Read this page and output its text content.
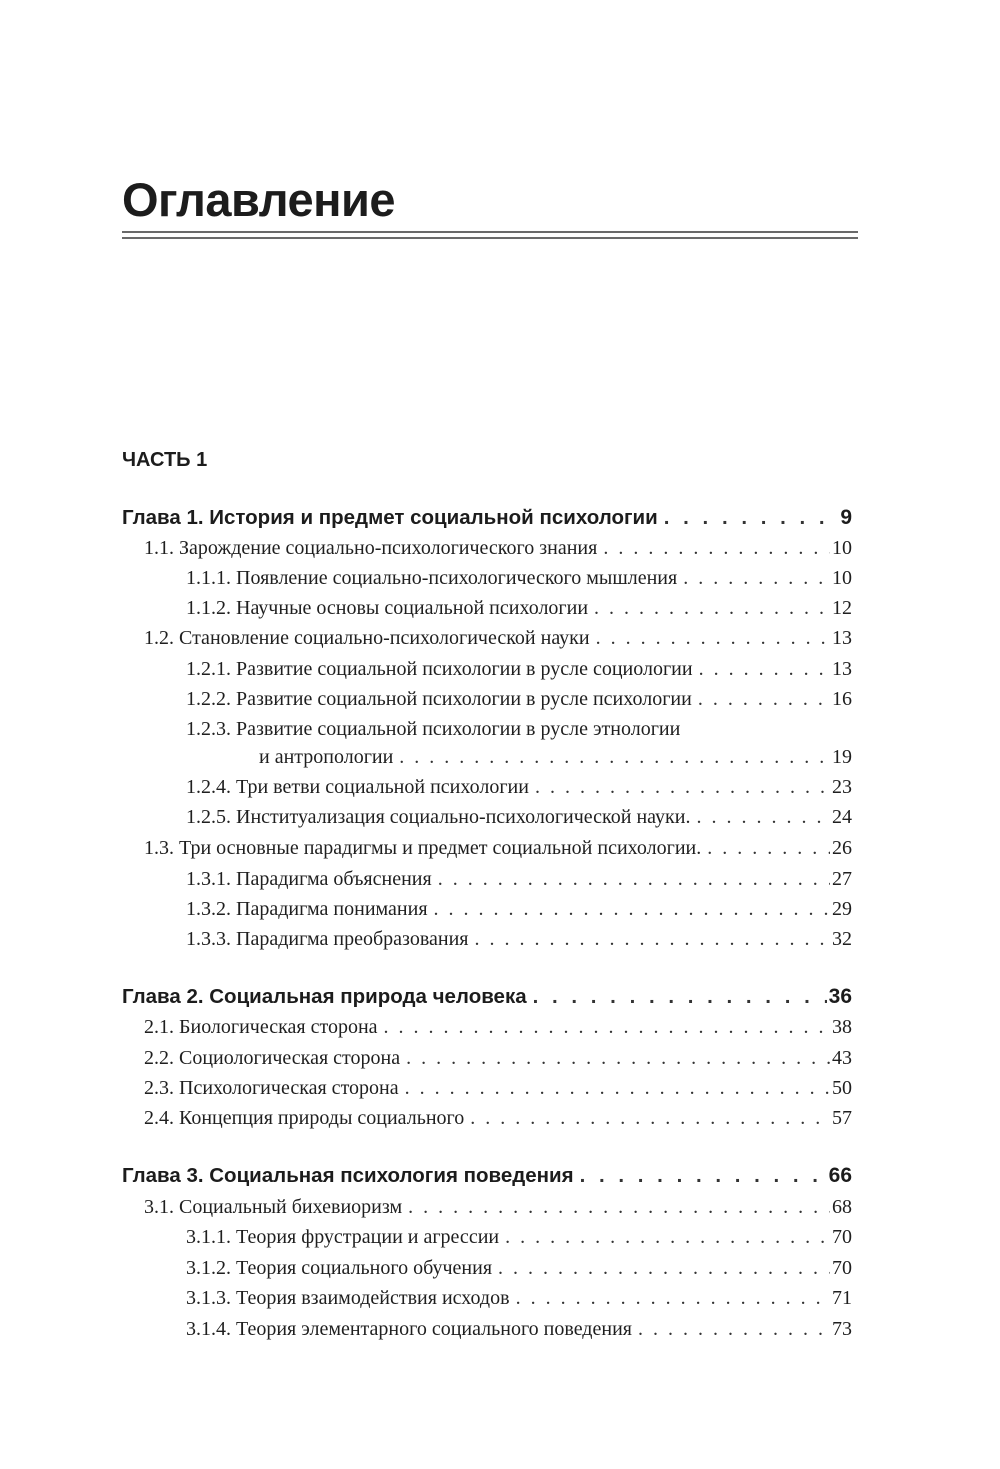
Оглавление
ЧАСТЬ 1
Глава 1. История и предмет социальной психологии . . .	9
1.1. Зарождение социально-психологического знания . . .	10
1.1.1. Появление социально-психологического мышления . . .	10
1.1.2. Научные основы социальной психологии . . .	12
1.2. Становление социально-психологической науки . . .	13
1.2.1. Развитие социальной психологии в русле социологии . . .	13
1.2.2. Развитие социальной психологии в русле психологии . . .	16
1.2.3. Развитие социальной психологии в русле этнологии
и антропологии . . .	19
1.2.4. Три ветви социальной психологии . . .	23
1.2.5. Институализация социально-психологической науки. . . .	24
1.3. Три основные парадигмы и предмет социальной психологии. . . .	26
1.3.1. Парадигма объяснения . . .	27
1.3.2. Парадигма понимания . . .	29
1.3.3. Парадигма преобразования . . .	32
Глава 2. Социальная природа человека . . .	36
2.1. Биологическая сторона . . .	38
2.2. Социологическая сторона . . .	43
2.3. Психологическая сторона . . .	50
2.4. Концепция природы социального . . .	57
Глава 3. Социальная психология поведения . . .	66
3.1. Социальный бихевиоризм . . .	68
3.1.1. Теория фрустрации и агрессии . . .	70
3.1.2. Теория социального обучения . . .	70
3.1.3. Теория взаимодействия исходов . . .	71
3.1.4. Теория элементарного социального поведения . . .	73
